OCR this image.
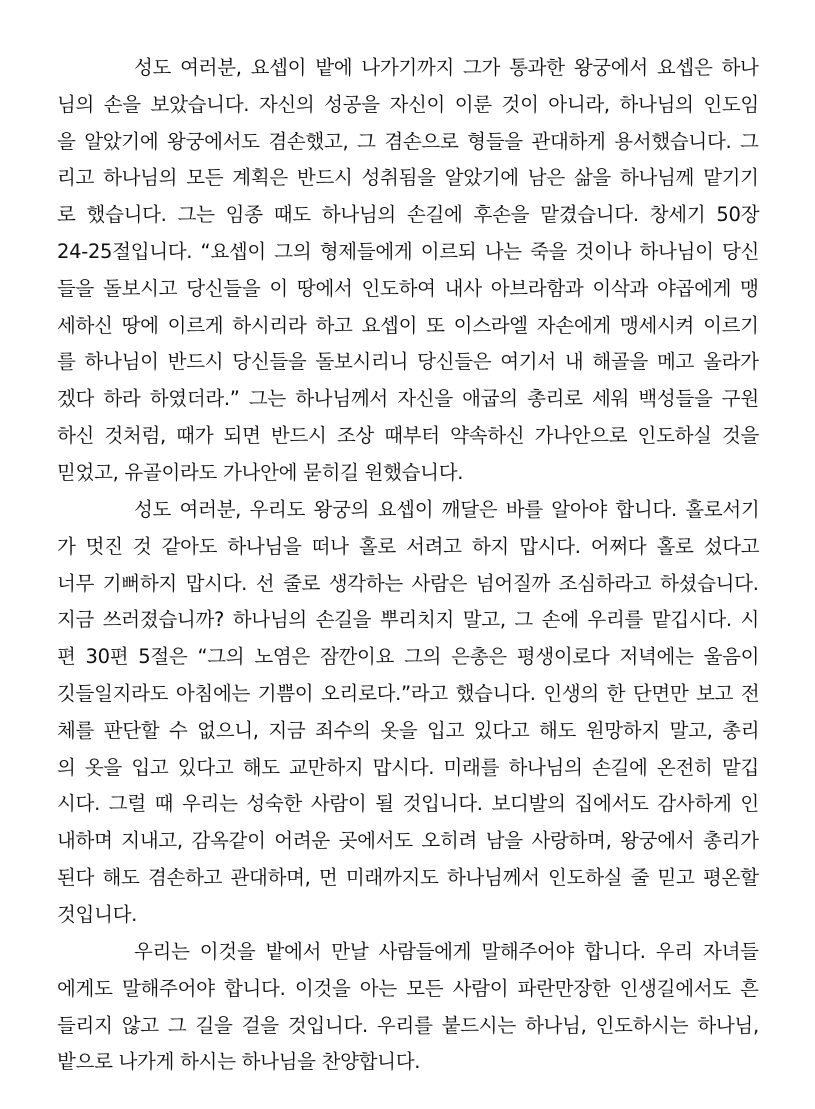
성도 여러분, 요셉이 밭에 나가기까지 그가 통과한 왕궁에서 요셉은 하나
님의 손을 보았습니다. 자신의 성공을 자신이 이룬 것이 아니라, 하나님의 인도임
을 알았기에 왕궁에서도 겸손했고, 그 겸손으로 형들을 관대하게 용서했습니다. 그
리고 하나님의 모든 계획은 반드시 성취됨을 알았기에 남은 삶을 하나님께 맡기기
로 했습니다. 그는 임종 때도 하나님의 손길에 후손을 맡겼습니다. 창세기 50장
24-25절입니다. “요셉이 그의 형제들에게 이르되 나는 죽을 것이나 하나님이 당신
들을 돌보시고 당신들을 이 땅에서 인도하여 내사 아브라함과 이삭과 야곱에게 맹
세하신 땅에 이르게 하시리라 하고 요셉이 또 이스라엘 자손에게 맹세시켜 이르기
를 하나님이 반드시 당신들을 돌보시리니 당신들은 여기서 내 해골을 메고 올라가
겠다 하라 하였더라.” 그는 하나님께서 자신을 애굽의 총리로 세워 백성들을 구원
하신 것처럼, 때가 되면 반드시 조상 때부터 약속하신 가나안으로 인도하실 것을
믿었고, 유골이라도 가나안에 묻히길 원했습니다.
성도 여러분, 우리도 왕궁의 요셉이 깨달은 바를 알아야 합니다. 홀로서기
가 멋진 것 같아도 하나님을 떠나 홀로 서려고 하지 맙시다. 어쩌다 홀로 섰다고
너무 기뻐하지 맙시다. 선 줄로 생각하는 사람은 넘어질까 조심하라고 하셨습니다.
지금 쓰러졌습니까? 하나님의 손길을 뿌리치지 말고, 그 손에 우리를 맡깁시다. 시
편 30편 5절은 “그의 노염은 잠깐이요 그의 은총은 평생이로다 저녁에는 울음이
깃들일지라도 아침에는 기쁨이 오리로다.”라고 했습니다. 인생의 한 단면만 보고 전
체를 판단할 수 없으니, 지금 죄수의 옷을 입고 있다고 해도 원망하지 말고, 총리
의 옷을 입고 있다고 해도 교만하지 맙시다. 미래를 하나님의 손길에 온전히 맡깁
시다. 그럴 때 우리는 성숙한 사람이 될 것입니다. 보디발의 집에서도 감사하게 인
내하며 지내고, 감옥같이 어려운 곳에서도 오히려 남을 사랑하며, 왕궁에서 총리가
된다 해도 겸손하고 관대하며, 먼 미래까지도 하나님께서 인도하실 줄 믿고 평온할
것입니다.
우리는 이것을 밭에서 만날 사람들에게 말해주어야 합니다. 우리 자녀들
에게도 말해주어야 합니다. 이것을 아는 모든 사람이 파란만장한 인생길에서도 흔
들리지 않고 그 길을 걸을 것입니다. 우리를 붙드시는 하나님, 인도하시는 하나님,
밭으로 나가게 하시는 하나님을 찬양합니다.
